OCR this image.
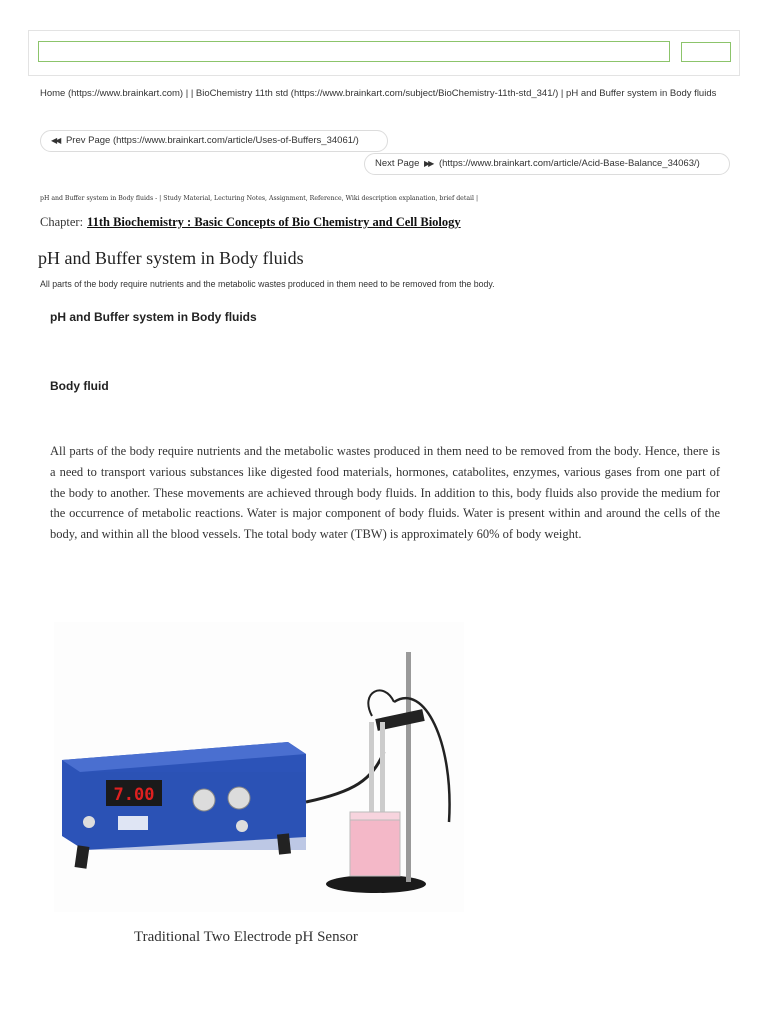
Home (https://www.brainkart.com) | | BioChemistry 11th std (https://www.brainkart.com/subject/BioChemistry-11th-std_341/) | pH and Buffer system in Body fluids
◀◀ Prev Page (https://www.brainkart.com/article/Uses-of-Buffers_34061/)
Next Page ▶▶ (https://www.brainkart.com/article/Acid-Base-Balance_34063/)
pH and Buffer system in Body fluids - | Study Material, Lecturing Notes, Assignment, Reference, Wiki description explanation, brief detail |
Chapter: 11th Biochemistry : Basic Concepts of Bio Chemistry and Cell Biology
pH and Buffer system in Body fluids
All parts of the body require nutrients and the metabolic wastes produced in them need to be removed from the body.
pH and Buffer system in Body fluids
Body fluid
All parts of the body require nutrients and the metabolic wastes produced in them need to be removed from the body. Hence, there is a need to transport various substances like digested food materials, hormones, catabolites, enzymes, various gases from one part of the body to another. These movements are achieved through body fluids. In addition to this, body fluids also provide the medium for the occurrence of metabolic reactions. Water is major component of body fluids. Water is present within and around the cells of the body, and within all the blood vessels. The total body water (TBW) is approximately 60% of body weight.
7.00
Traditional Two Electrode pH Sensor
